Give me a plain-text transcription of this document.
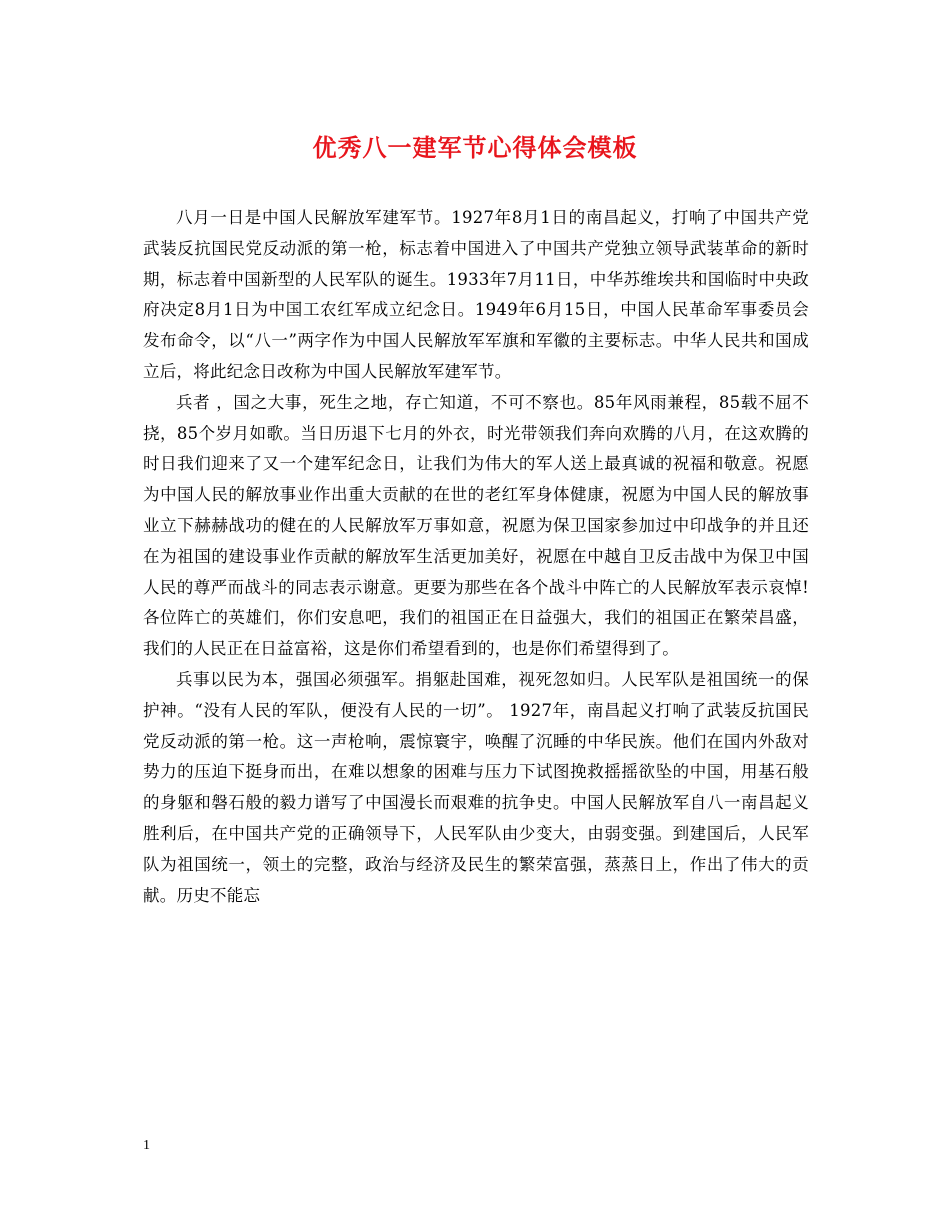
优秀八一建军节心得体会模板

八月一日是中国人民解放军建军节。1927年8月1日的南昌起义，打响了中国共产党武装反抗国民党反动派的第一枪，标志着中国进入了中国共产党独立领导武装革命的新时期，标志着中国新型的人民军队的诞生。1933年7月11日，中华苏维埃共和国临时中央政府决定8月1日为中国工农红军成立纪念日。1949年6月15日，中国人民革命军事委员会发布命令，以“八一”两字作为中国人民解放军军旗和军徽的主要标志。中华人民共和国成立后，将此纪念日改称为中国人民解放军建军节。

兵者 ，国之大事，死生之地，存亡知道，不可不察也。85年风雨兼程，85载不屈不挠，85个岁月如歌。当日历退下七月的外衣，时光带领我们奔向欢腾的八月，在这欢腾的时日我们迎来了又一个建军纪念日，让我们为伟大的军人送上最真诚的祝福和敬意。祝愿为中国人民的解放事业作出重大贡献的在世的老红军身体健康，祝愿为中国人民的解放事业立下赫赫战功的健在的人民解放军万事如意，祝愿为保卫国家参加过中印战争的并且还在为祖国的建设事业作贡献的解放军生活更加美好，祝愿在中越自卫反击战中为保卫中国人民的尊严而战斗的同志表示谢意。更要为那些在各个战斗中阵亡的人民解放军表示哀悼!各位阵亡的英雄们，你们安息吧，我们的祖国正在日益强大，我们的祖国正在繁荣昌盛，我们的人民正在日益富裕，这是你们希望看到的，也是你们希望得到了。

兵事以民为本，强国必须强军。捐躯赴国难，视死忽如归。人民军队是祖国统一的保护神。“没有人民的军队，便没有人民的一切”。 1927年，南昌起义打响了武装反抗国民党反动派的第一枪。这一声枪响，震惊寰宇，唤醒了沉睡的中华民族。他们在国内外敌对势力的压迫下挺身而出，在难以想象的困难与压力下试图挽救摇摇欲坠的中国，用基石般的身躯和磐石般的毅力谱写了中国漫长而艰难的抗争史。中国人民解放军自八一南昌起义胜利后，在中国共产党的正确领导下，人民军队由少变大，由弱变强。到建国后，人民军队为祖国统一，领土的完整，政治与经济及民生的繁荣富强，蒸蒸日上，作出了伟大的贡献。历史不能忘

1
